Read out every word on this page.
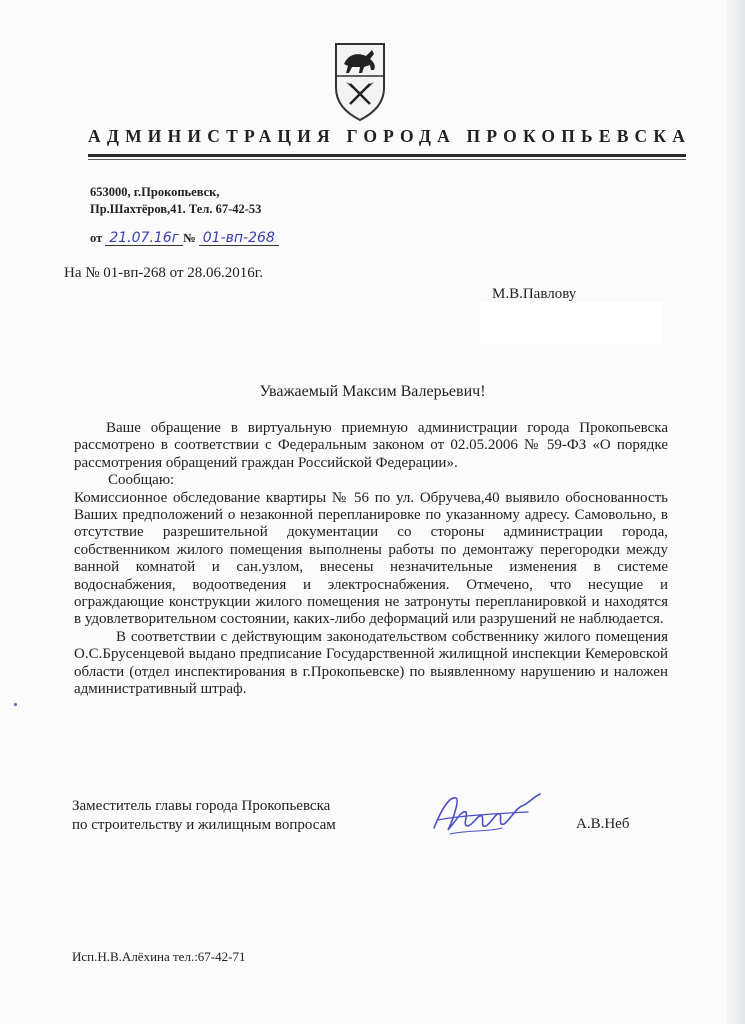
АДМИНИСТРАЦИЯ ГОРОДА ПРОКОПЬЕВСКА
653000, г.Прокопьевск,
Пр.Шахтёров,41. Тел. 67-42-53
от 21.07.16г № 01-вп-268
На № 01-вп-268 от 28.06.2016г.
М.В.Павлову
Уважаемый Максим Валерьевич!

Ваше обращение в виртуальную приемную администрации города Прокопьевска рассмотрено в соответствии с Федеральным законом от 02.05.2006 № 59-ФЗ «О порядке рассмотрения обращений граждан Российской Федерации».

Сообщаю:

Комиссионное обследование квартиры № 56 по ул. Обручева,40 выявило обоснованность Ваших предположений о незаконной перепланировке по указанному адресу. Самовольно, в отсутствие разрешительной документации со стороны администрации города, собственником жилого помещения выполнены работы по демонтажу перегородки между ванной комнатой и сан.узлом, внесены незначительные изменения в системе водоснабжения, водоотведения и электроснабжения. Отмечено, что несущие и ограждающие конструкции жилого помещения не затронуты перепланировкой и находятся в удовлетворительном состоянии, каких-либо деформаций или разрушений не наблюдается.

В соответствии с действующим законодательством собственнику жилого помещения О.С.Брусенцевой выдано предписание Государственной жилищной инспекции Кемеровской области (отдел инспектирования в г.Прокопьевске) по выявленному нарушению и наложен административный штраф.

Заместитель главы города Прокопьевска
по строительству и жилищным вопросам	А.В.Неб
Исп.Н.В.Алёхина тел.:67-42-71
